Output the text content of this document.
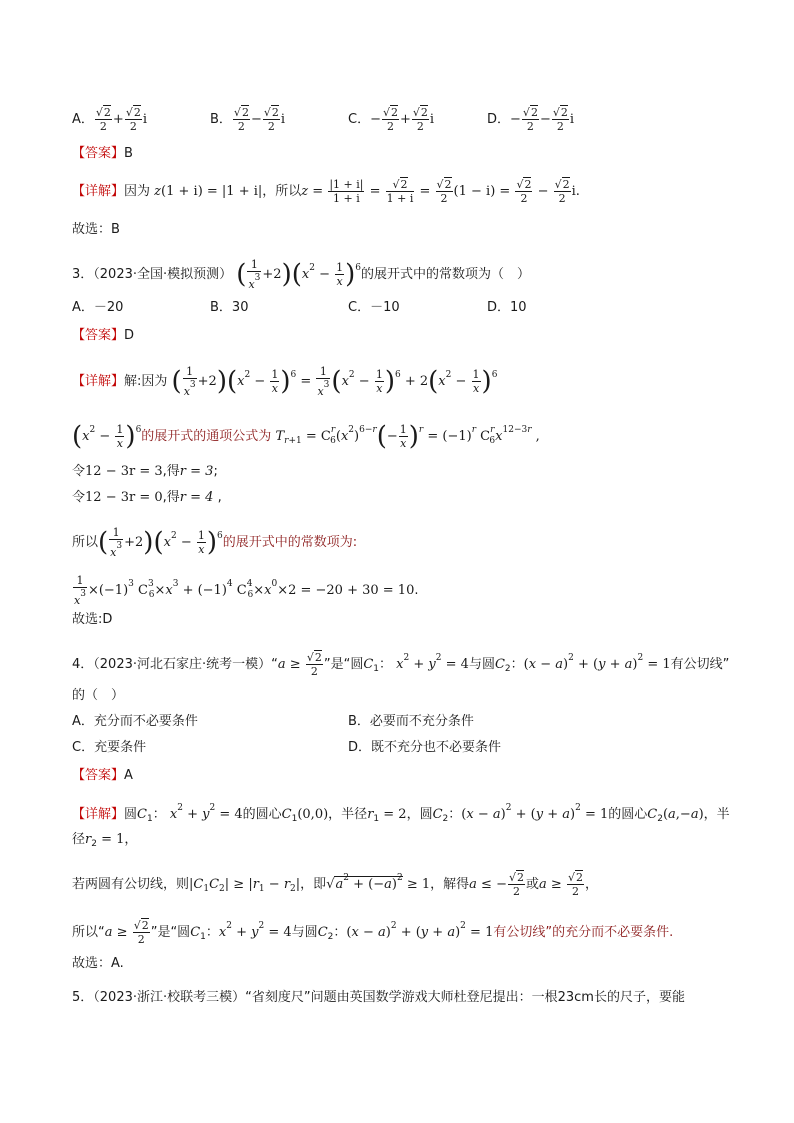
A． $\frac{√2}{2} + \frac{√2}{2}$ i	B． $\frac{√2}{2} - \frac{√2}{2}$ i	C．− $\frac{√2}{2} + \frac{√2}{2}$ i	D．− $\frac{√2}{2} - \frac{√2}{2}$ i
【答案】B
【详解】因为 z(1 + i) = |1 + i|，所以$z = \frac{|1 + i|}{1 + i} = \frac{√2}{1 + i} = \frac{√2}{2} (1 - i) = \frac{√2}{2} - \frac{√2}{2} i$.
故选：B
3．（2023·全国·模拟预测） ( $\frac{1}{x^3} +2)(x^2 - \frac{1}{x} )^6$的展开式中的常数项为（　）
A．－20	B．30	C．－10	D．10
【答案】D
【详解】解:因为 ( $\frac{1}{x^3} +2)(x^2 - \frac{1}{x} )^6 = \frac{1}{x^3} (x^2 - \frac{1}{x} )^6 + 2(x^2 - \frac{1}{x} )^6$
$(x^2 - \frac{1}{x} )^6$的展开式的通项公式为 $T_{r+1} = C^r_6(x^2)^{6-r}(- \frac{1}{x} )^r = (-1)^r$ $C^r_6x^{12-3r}$ ,
令12 − 3r = 3,得r = 3;
令12 − 3r = 0,得r = 4 ,
所以( $\frac{1}{x^3} +2)(x^2 - \frac{1}{x} )^6$的展开式中的常数项为:
$\frac{1}{x^3} \times(-1)^3$ $C^3_6\times x^3 + (-1)^4$ $C^4_6\times x^0\times 2 = -20 + 30 = 10$.
故选:D
4．（2023·河北石家庄·统考一模）“a ≥ $\frac{√2}{2}$ ”是“圆$C_1$： $x^2 + y^2 = 4$与圆$C_2$：$(x - a)^2 + (y + a)^2 = 1$有公切线”
的（　）
A．充分而不必要条件	B．必要而不充分条件
C．充要条件	D．既不充分也不必要条件
【答案】A
【详解】圆$C_1$： $x^2 + y^2 = 4$的圆心$C_1(0,0)$，半径$r_1 = 2$，圆$C_2$：$(x - a)^2 + (y + a)^2 = 1$的圆心$C_2(a,-a)$，半
径$r_2 = 1$，
若两圆有公切线，则$|C_1C_2| \ge |r_1 - r_2|$，即$√a^2 + (-a)^2 \ge 1$，解得a ≤ − $\frac{√2}{2}$ 或$a \ge \frac{√2}{2}$ ，
所以“$a \ge \frac{√2}{2}$ ”是“圆$C_1$：$x^2 + y^2 = 4$与圆$C_2$：$(x - a)^2 + (y + a)^2 = 1$有公切线”的充分而不必要条件.
故选：A.
5．（2023·浙江·校联考三模）“省刻度尺”问题由英国数学游戏大师杜登尼提出：一根23cm长的尺子，要能
